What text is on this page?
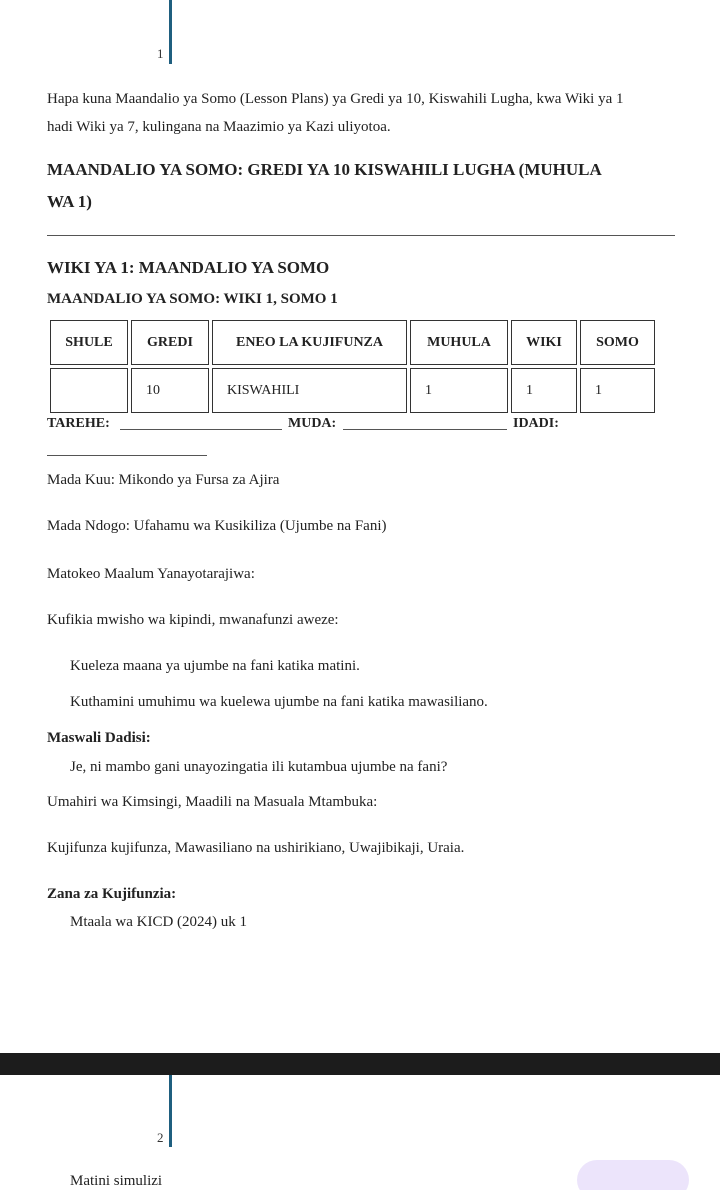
1
Hapa kuna Maandalio ya Somo (Lesson Plans) ya Gredi ya 10, Kiswahili Lugha, kwa Wiki ya 1
hadi Wiki ya 7, kulingana na Maazimio ya Kazi uliyotoa.
MAANDALIO YA SOMO: GREDI YA 10 KISWAHILI LUGHA (MUHULA
WA 1)
WIKI YA 1: MAANDALIO YA SOMO
MAANDALIO YA SOMO: WIKI 1, SOMO 1
SHULE	GREDI	ENEO LA KUJIFUNZA	MUHULA	WIKI	SOMO
	10	KISWAHILI	1	1	1
TAREHE:	MUDA:	IDADI:
Mada Kuu: Mikondo ya Fursa za Ajira
Mada Ndogo: Ufahamu wa Kusikiliza (Ujumbe na Fani)
Matokeo Maalum Yanayotarajiwa:
Kufikia mwisho wa kipindi, mwanafunzi aweze:
Kueleza maana ya ujumbe na fani katika matini.
Kuthamini umuhimu wa kuelewa ujumbe na fani katika mawasiliano.
Maswali Dadisi:
Je, ni mambo gani unayozingatia ili kutambua ujumbe na fani?
Umahiri wa Kimsingi, Maadili na Masuala Mtambuka:
Kujifunza kujifunza, Mawasiliano na ushirikiano, Uwajibikaji, Uraia.
Zana za Kujifunzia:
Mtaala wa KICD (2024) uk 1
2
Matini simulizi
